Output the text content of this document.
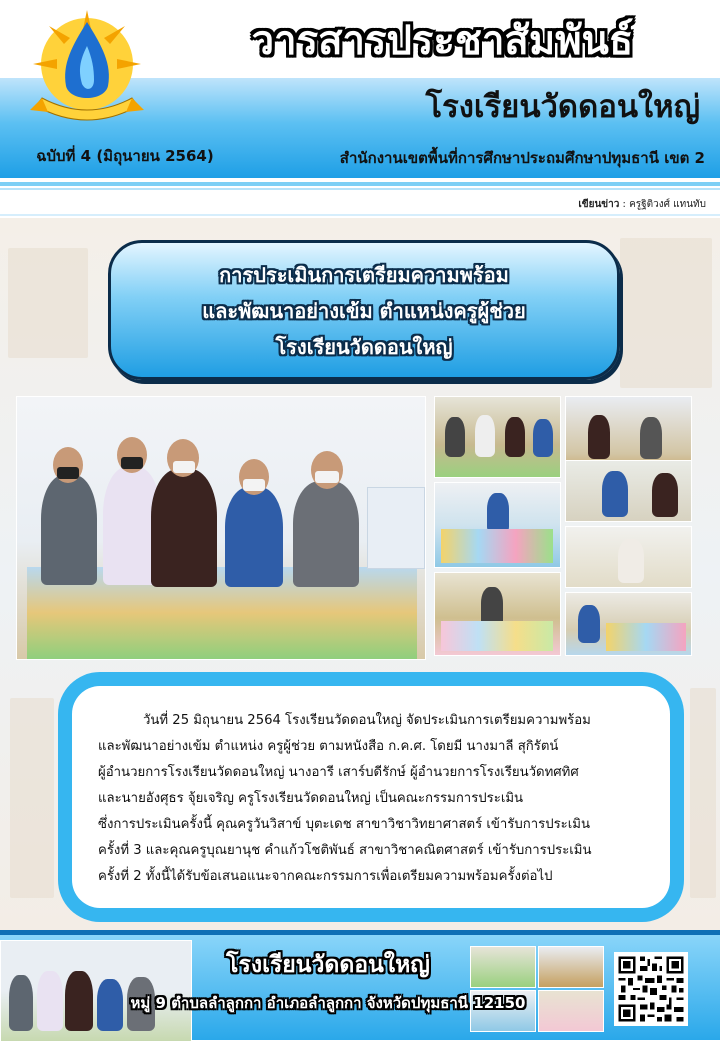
วารสารประชาสัมพันธ์
โรงเรียนวัดดอนใหญ่
ฉบับที่ 4 (มิถุนายน 2564)	สำนักงานเขตพื้นที่การศึกษาประถมศึกษาปทุมธานี เขต 2
เขียนข่าว : ครูฐิติวงศ์ แทนทับ
การประเมินการเตรียมความพร้อม
และพัฒนาอย่างเข้ม ตำแหน่งครูผู้ช่วย
โรงเรียนวัดดอนใหญ่
วันที่ 25 มิถุนายน 2564 โรงเรียนวัดดอนใหญ่ จัดประเมินการเตรียมความพร้อม
และพัฒนาอย่างเข้ม ตำแหน่ง ครูผู้ช่วย ตามหนังสือ ก.ค.ศ. โดยมี นางมาลี สุกิรัตน์
ผู้อำนวยการโรงเรียนวัดดอนใหญ่ นางอารี เสาร์บดีรักษ์ ผู้อำนวยการโรงเรียนวัดทศทิศ
และนายอังศุธร จุ้ยเจริญ ครูโรงเรียนวัดดอนใหญ่ เป็นคณะกรรมการประเมิน
ซึ่งการประเมินครั้งนี้ คุณครูวันวิสาข์ บุตะเดช สาขาวิชาวิทยาศาสตร์ เข้ารับการประเมิน
ครั้งที่ 3 และคุณครูบุณยานุช คำแก้วโชติพันธ์ สาขาวิชาคณิตศาสตร์ เข้ารับการประเมิน
ครั้งที่ 2 ทั้งนี้ได้รับข้อเสนอแนะจากคณะกรรมการเพื่อเตรียมความพร้อมครั้งต่อไป
โรงเรียนวัดดอนใหญ่
หมู่ 9 ตำบลลำลูกกา อำเภอลำลูกกา จังหวัดปทุมธานี 12150
